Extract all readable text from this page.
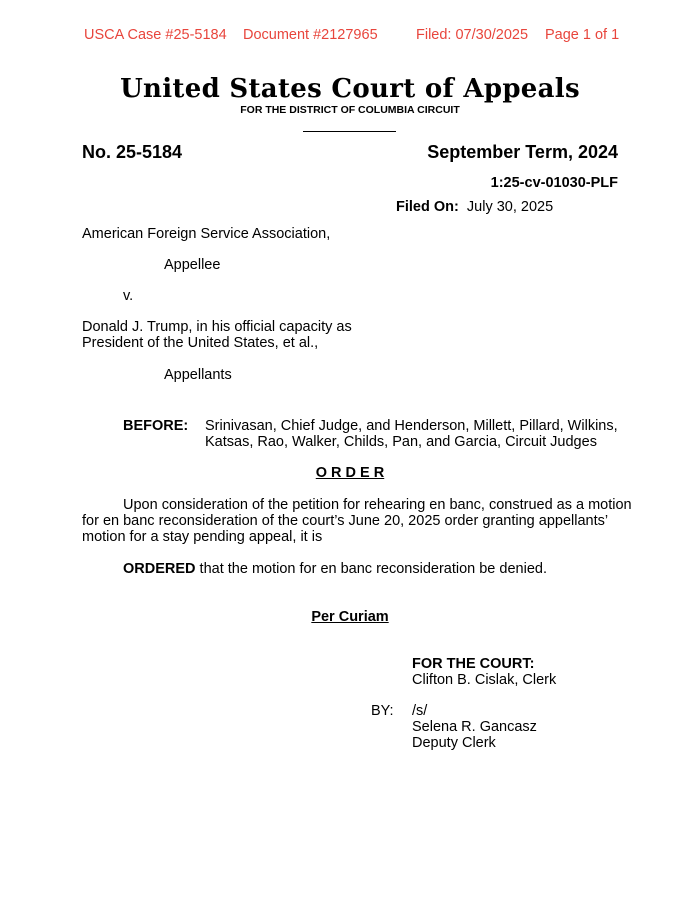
USCA Case #25-5184 Document #2127965	Filed: 07/30/2025 Page 1 of 1
United States Court of Appeals
FOR THE DISTRICT OF COLUMBIA CIRCUIT
No. 25-5184	September Term, 2024
1:25-cv-01030-PLF
Filed On: July 30, 2025
American Foreign Service Association,
Appellee
v.
Donald J. Trump, in his official capacity as
President of the United States, et al.,
Appellants
BEFORE: Srinivasan, Chief Judge, and Henderson, Millett, Pillard, Wilkins,
Katsas, Rao, Walker, Childs, Pan, and Garcia, Circuit Judges
O R D E R
Upon consideration of the petition for rehearing en banc, construed as a motion
for en banc reconsideration of the court’s June 20, 2025 order granting appellants’
motion for a stay pending appeal, it is
ORDERED that the motion for en banc reconsideration be denied.
Per Curiam
FOR THE COURT:
Clifton B. Cislak, Clerk
BY: /s/
Selena R. Gancasz
Deputy Clerk
